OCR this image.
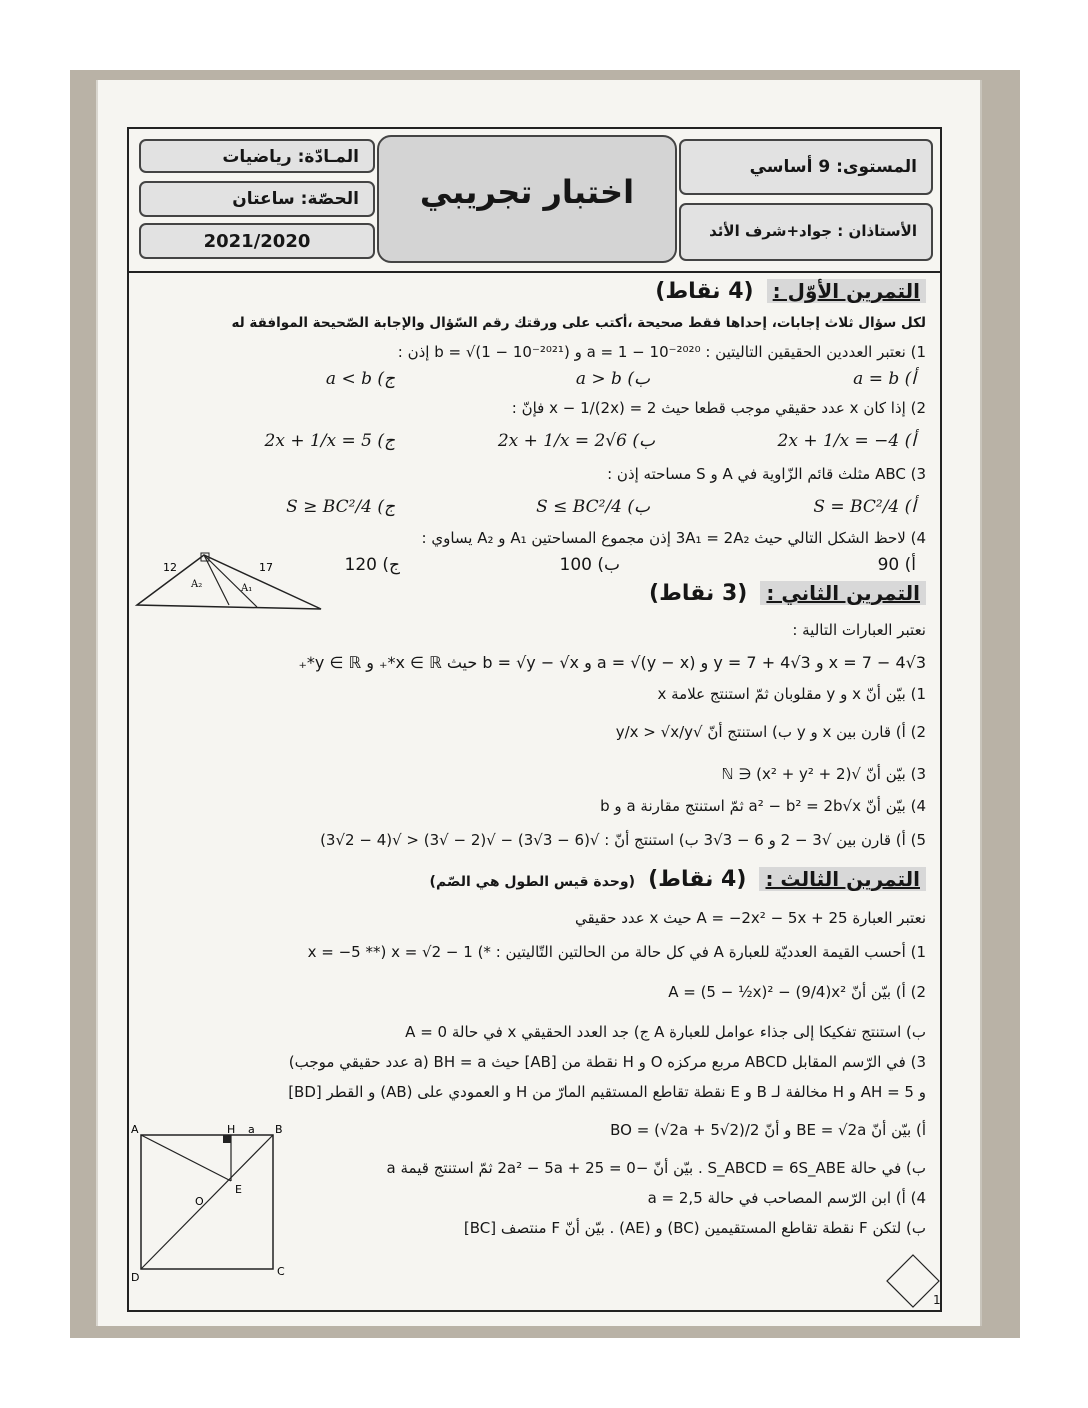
المـادّة: رياضيات
الحصّة: ساعتان
2021/2020
اختبار تجريبي
المستوى: 9 أساسي
الأستاذان : جواد+شرف الأئد
التمرين الأوّل : (4 نقاط)
لكل سؤال ثلاث إجابات، إحداها فقط صحيحة ،أكتب على ورقتك رقم السّؤال والإجابة الصّحيحة الموافقة له
1) نعتبر العددين الحقيقين التاليتين : a = 1 − 10⁻²⁰²⁰ و b = √(1 − 10⁻²⁰²¹) إذن :
أ) a = b
ب) a > b
ج) a < b
2) إذا كان x عدد حقيقي موجب قطعا حيث x − 1/(2x) = 2 فإنّ :
أ) 2x + 1/x = −4
ب) 2x + 1/x = 2√6
ج) 2x + 1/x = 5
3) ABC مثلث قائم الزّاوية في A و S مساحته إذن :
أ) S = BC²/4
ب) S ≤ BC²/4
ج) S ≥ BC²/4
4) لاحظ الشكل التالي حيث 3A₁ = 2A₂ إذن مجموع المساحتين A₁ و A₂ يساوي :
أ) 90
ب) 100
ج) 120
12	17
A₂	A₁	التمرين الثاني : (3 نقاط)
نعتبر العبارات التالية :
x = 7 − 4√3 و y = 7 + 4√3 و a = √(y − x) و b = √y − √x حيث x ∈ ℝ*₊ و y ∈ ℝ*₊
1) بيّن أنّ x و y مقلوبان ثمّ استنتج علامة x
2) أ) قارن بين x و y ب) استنتج أنّ √y/x > √x/y
3) بيّن أنّ √(x² + y² + 2) ∈ ℕ
4) بيّن أنّ a² − b² = 2b√x ثمّ استنتج مقارنة a و b
5) أ) قارن بين √3 − 2 و 6 − 3√3 ب) استنتج أنّ : √(6 − 3√3) − √(2 − √3) < √(4 − 2√3)
التمرين الثالث : (4 نقاط) (وحدة قيس الطول هي الصّم)
نعتبر العبارة A = −2x² − 5x + 25 حيث x عدد حقيقي
1) أحسب القيمة العدديّة للعبارة A في كل حالة من الحالتين التّاليتين : *) x = −5 **) x = √2 − 1
2) أ) بيّن أنّ A = (5 − ½x)² − (9/4)x²
ب) استنتج تفكيكا إلى جذاء عوامل للعبارة A ج) جد العدد الحقيقي x في حالة A = 0
3) في الرّسم المقابل ABCD مربع مركزه O و H نقطة من [AB] حيث BH = a (a عدد حقيقي موجب)
و AH = 5 و H مخالفة لـ B و E نقطة تقاطع المستقيم المارّ من H و العمودي على (AB) و القطر [BD]
أ) بيّن أنّ BE = √2a و أنّ BO = (√2a + 5√2)/2
ب) في حالة S_ABCD = 6S_ABE . بيّن أنّ −2a² − 5a + 25 = 0 ثمّ استنتج قيمة a
4) أ) ابن الرّسم المصاحب في حالة a = 2,5
ب) لتكن F نقطة تقاطع المستقيمين (BC) و (AE) . بيّن أنّ F منتصف [BC]
A	H a B
O
E
D	C
1
